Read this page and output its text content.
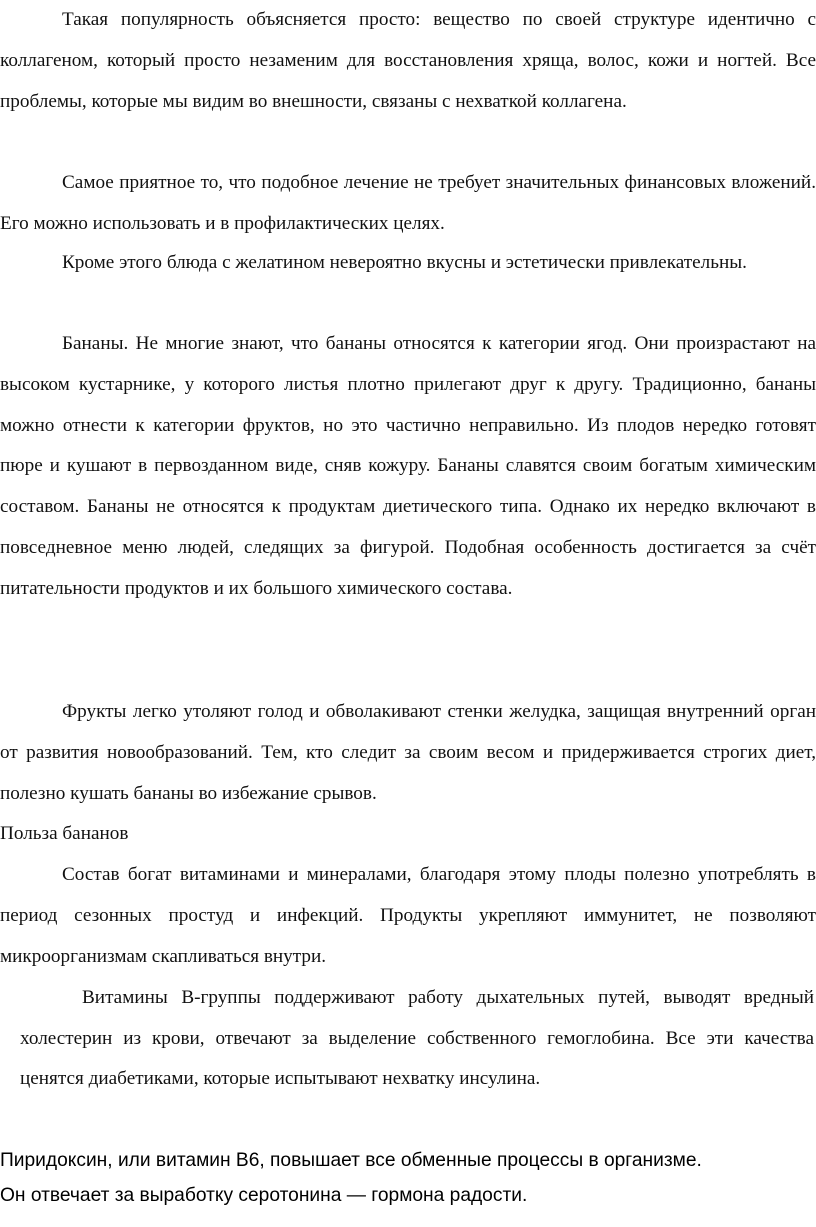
Такая популярность объясняется просто: вещество по своей структуре идентично с коллагеном, который просто незаменим для восстановления хряща, волос, кожи и ногтей. Все проблемы, которые мы видим во внешности, связаны с нехваткой коллагена.

Самое приятное то, что подобное лечение не требует значительных финансовых вложений. Его можно использовать и в профилактических целях.

Кроме этого блюда с желатином невероятно вкусны и эстетически привлекательны.

Бананы. Не многие знают, что бананы относятся к категории ягод. Они произрастают на высоком кустарнике, у которого листья плотно прилегают друг к другу. Традиционно, бананы можно отнести к категории фруктов, но это частично неправильно. Из плодов нередко готовят пюре и кушают в первозданном виде, сняв кожуру. Бананы славятся своим богатым химическим составом. Бананы не относятся к продуктам диетического типа. Однако их нередко включают в повседневное меню людей, следящих за фигурой. Подобная особенность достигается за счёт питательности продуктов и их большого химического состава.

Фрукты легко утоляют голод и обволакивают стенки желудка, защищая внутренний орган от развития новообразований. Тем, кто следит за своим весом и придерживается строгих диет, полезно кушать бананы во избежание срывов.

Польза бананов

Состав богат витаминами и минералами, благодаря этому плоды полезно употреблять в период сезонных простуд и инфекций. Продукты укрепляют иммунитет, не позволяют микроорганизмам скапливаться внутри.

Витамины В-группы поддерживают работу дыхательных путей, выводят вредный холестерин из крови, отвечают за выделение собственного гемоглобина. Все эти качества ценятся диабетиками, которые испытывают нехватку инсулина.

Пиридоксин, или витамин В6, повышает все обменные процессы в организме.
Он отвечает за выработку серотонина — гормона радости.
